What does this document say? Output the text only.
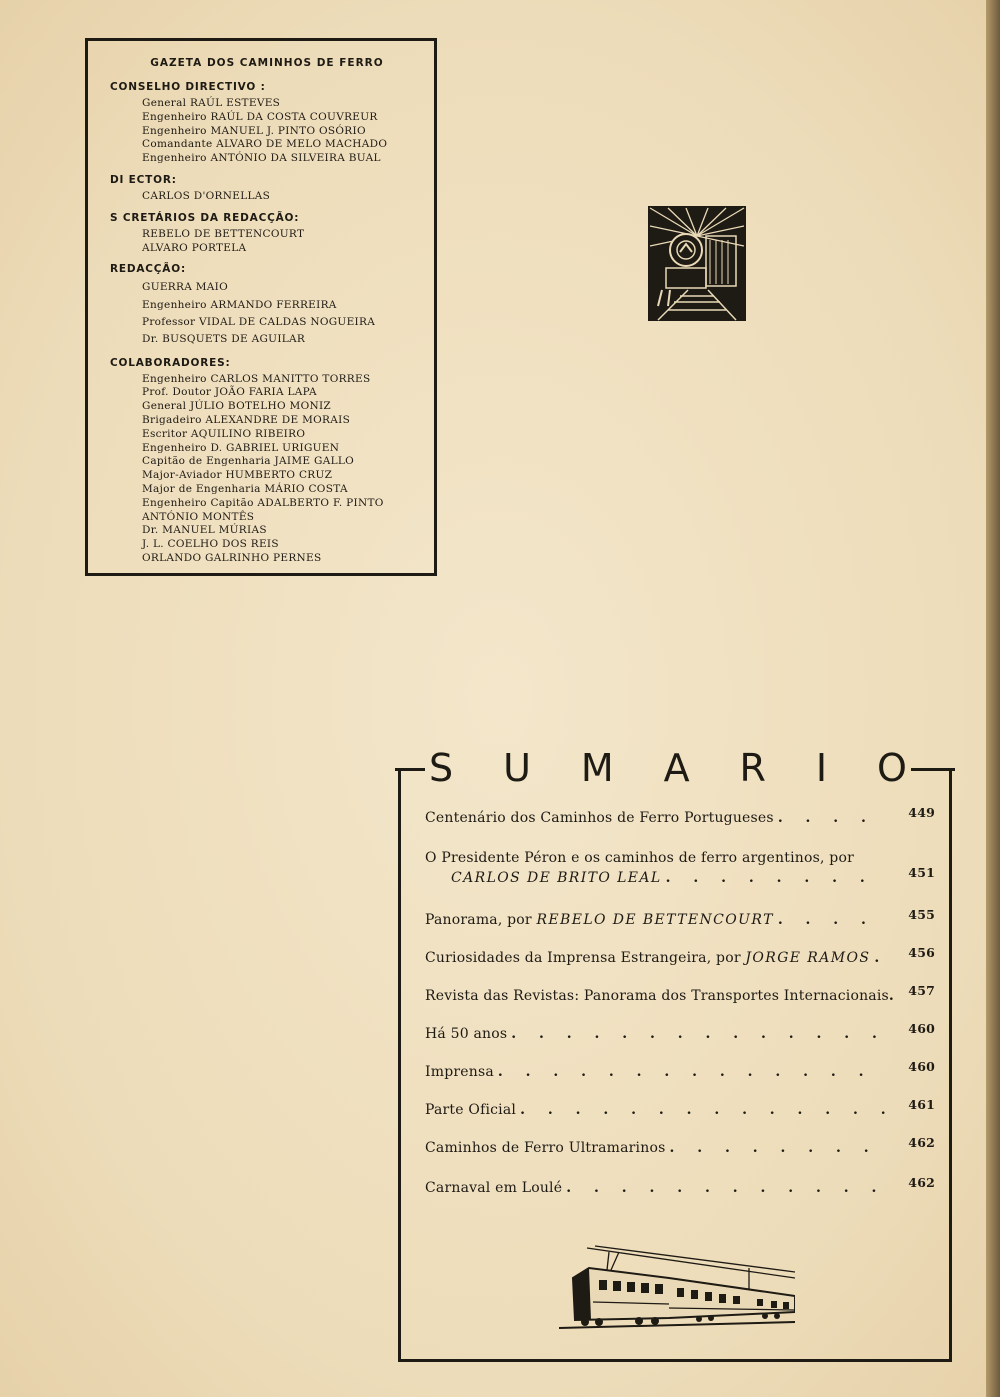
GAZETA DOS CAMINHOS DE FERRO
CONSELHO DIRECTIVO :
General RAÚL ESTEVES
Engenheiro RAÚL DA COSTA COUVREUR
Engenheiro MANUEL J. PINTO OSÓRIO
Comandante ALVARO DE MELO MACHADO
Engenheiro ANTÓNIO DA SILVEIRA BUAL
DI ECTOR:
CARLOS D'ORNELLAS
S CRETÁRIOS DA REDACÇÃO:
REBELO DE BETTENCOURT
ALVARO PORTELA
REDACÇÃO:
GUERRA MAIO
Engenheiro ARMANDO FERREIRA
Professor VIDAL DE CALDAS NOGUEIRA
Dr. BUSQUETS DE AGUILAR
COLABORADORES:
Engenheiro CARLOS MANITTO TORRES
Prof. Doutor JOÃO FARIA LAPA
General JÚLIO BOTELHO MONIZ
Brigadeiro ALEXANDRE DE MORAIS
Escritor AQUILINO RIBEIRO
Engenheiro D. GABRIEL URIGUEN
Capitão de Engenharia JAIME GALLO
Major-Aviador HUMBERTO CRUZ
Major de Engenharia MÁRIO COSTA
Engenheiro Capitão ADALBERTO F. PINTO
ANTÓNIO MONTÊS
Dr. MANUEL MÚRIAS
J. L. COELHO DOS REIS
ORLANDO GALRINHO PERNES
S U M A R I O
Centenário dos Caminhos de Ferro Portugueses . . .	449
O Presidente Péron e os caminhos de ferro argentinos, por
CARLOS DE BRITO LEAL . . .	451
Panorama, por REBELO DE BETTENCOURT . . .	455
Curiosidades da Imprensa Estrangeira, por JORGE RAMOS . . .	456
Revista das Revistas: Panorama dos Transportes Internacionais . . .	457
Há 50 anos . . .	460
Imprensa . . .	460
Parte Oficial . . .	461
Caminhos de Ferro Ultramarinos . . .	462
Carnaval em Loulé . . .	462
